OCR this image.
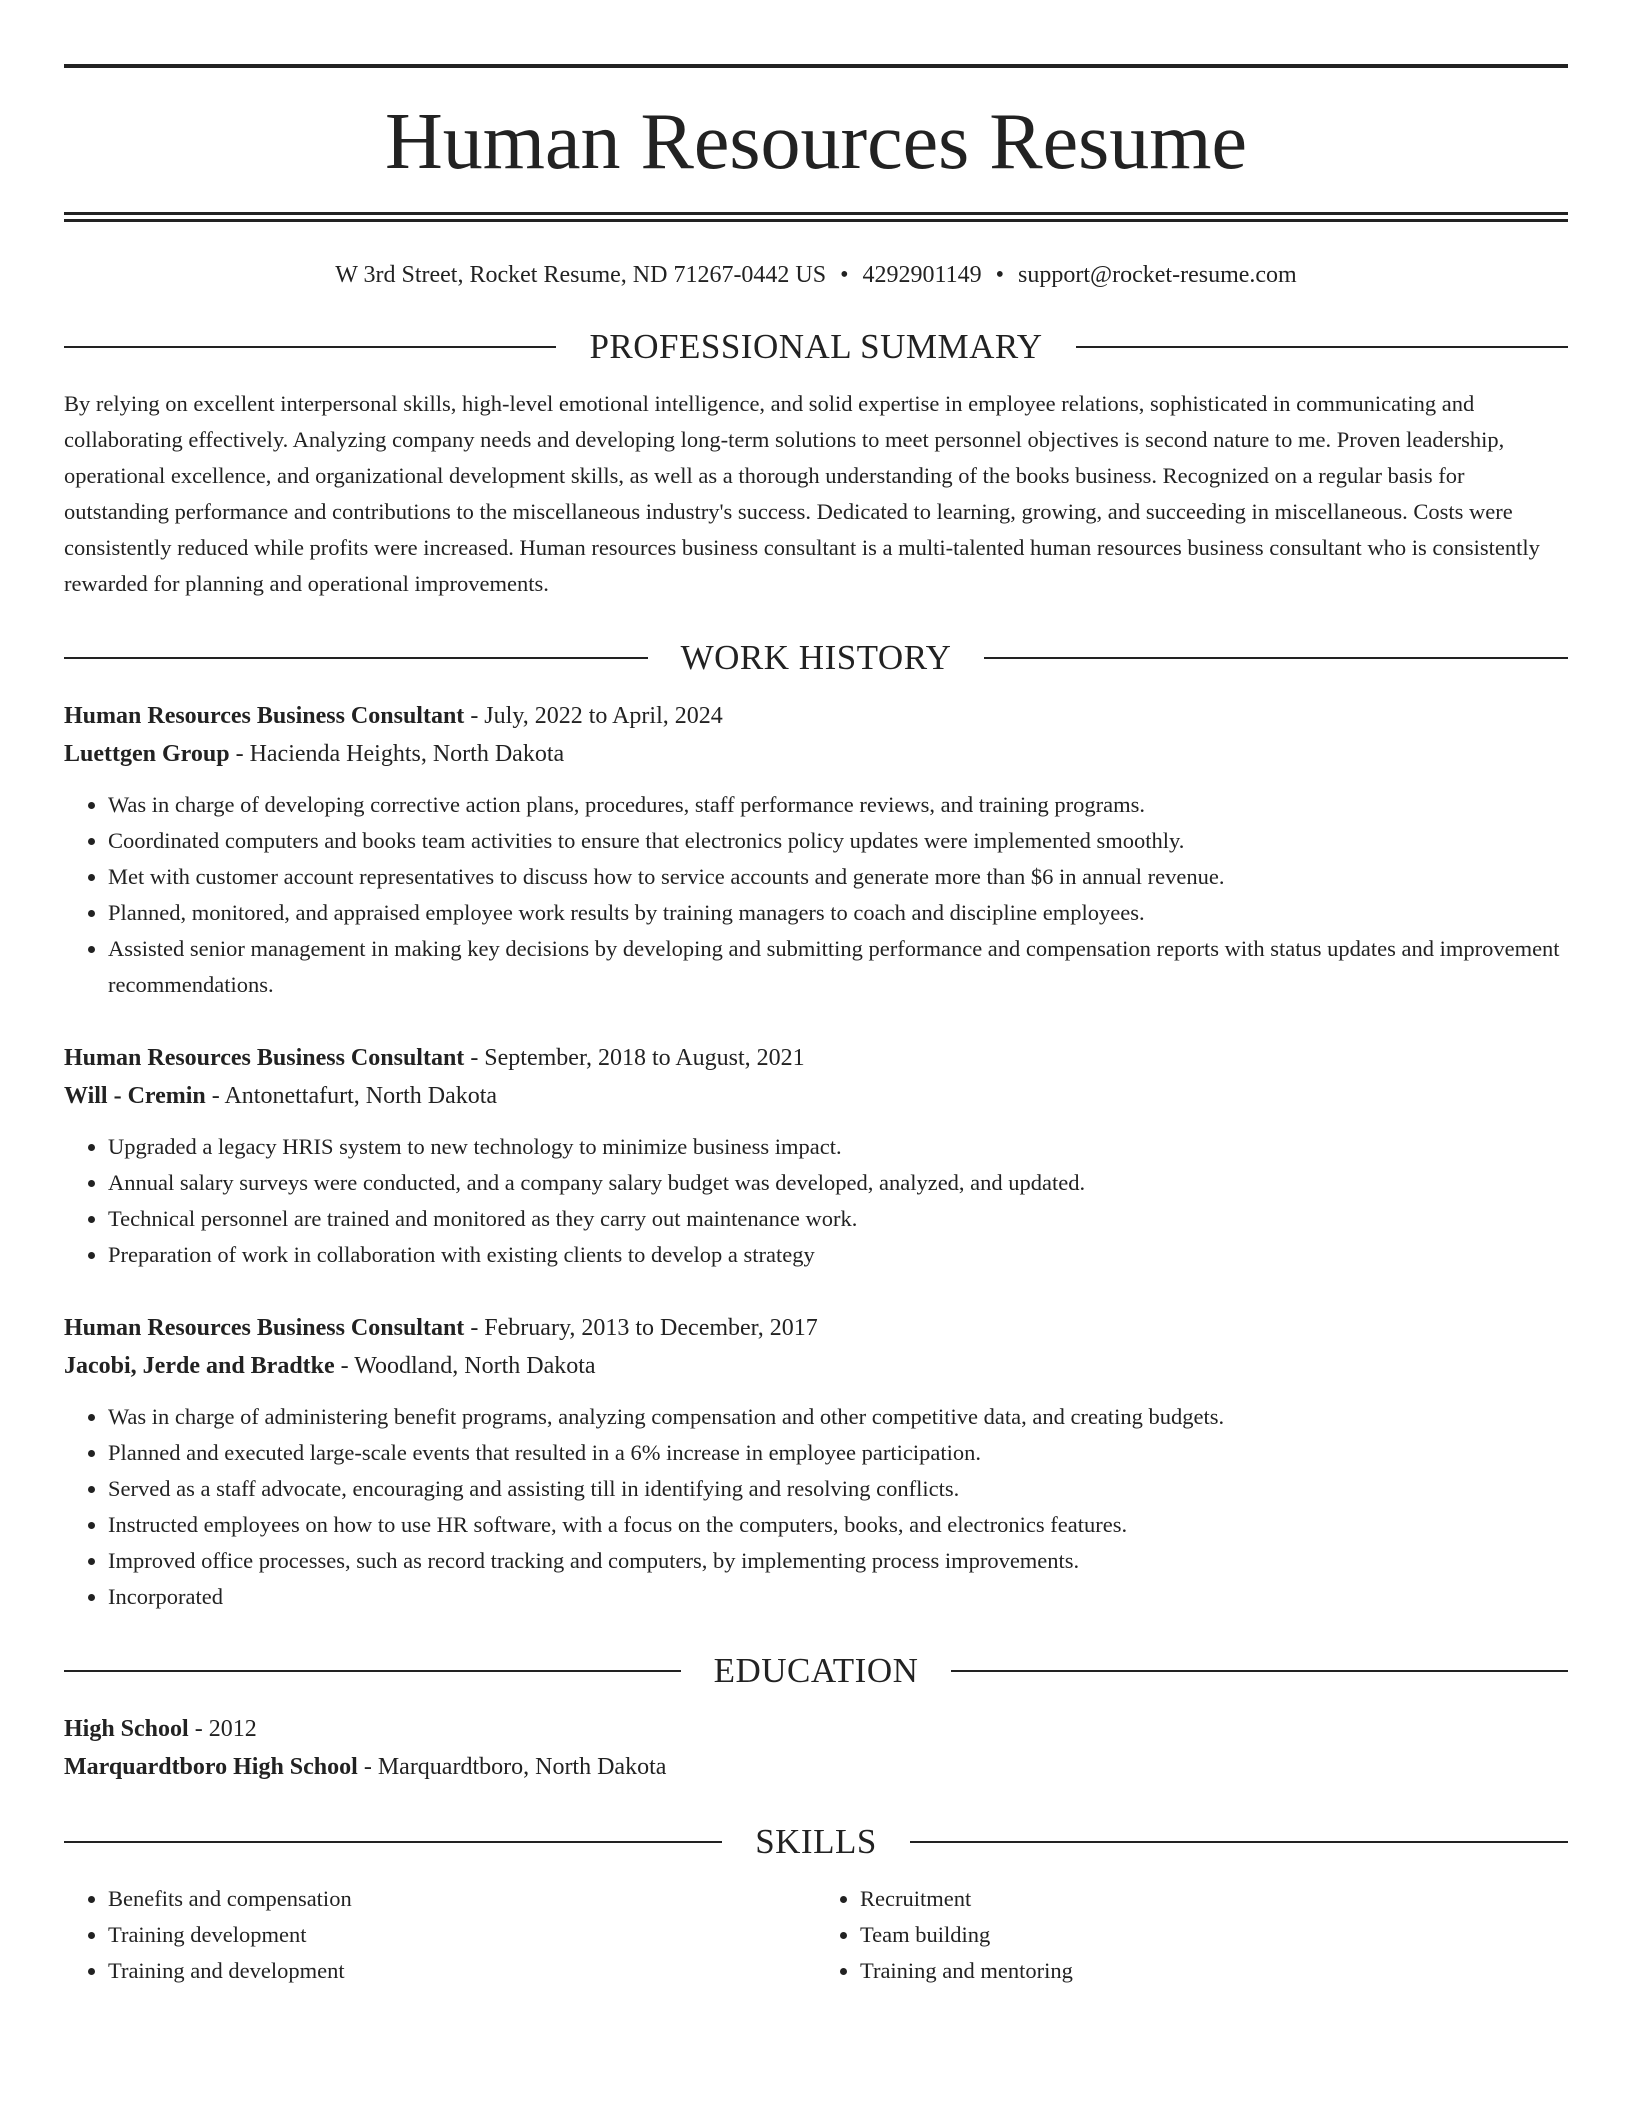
Human Resources Resume
W 3rd Street, Rocket Resume, ND 71267-0442 US • 4292901149 • support@rocket-resume.com
PROFESSIONAL SUMMARY
By relying on excellent interpersonal skills, high-level emotional intelligence, and solid expertise in employee relations, sophisticated in communicating and collaborating effectively. Analyzing company needs and developing long-term solutions to meet personnel objectives is second nature to me. Proven leadership, operational excellence, and organizational development skills, as well as a thorough understanding of the books business. Recognized on a regular basis for outstanding performance and contributions to the miscellaneous industry's success. Dedicated to learning, growing, and succeeding in miscellaneous. Costs were consistently reduced while profits were increased. Human resources business consultant is a multi-talented human resources business consultant who is consistently rewarded for planning and operational improvements.
WORK HISTORY
Human Resources Business Consultant - July, 2022 to April, 2024
Luettgen Group - Hacienda Heights, North Dakota
• Was in charge of developing corrective action plans, procedures, staff performance reviews, and training programs.
• Coordinated computers and books team activities to ensure that electronics policy updates were implemented smoothly.
• Met with customer account representatives to discuss how to service accounts and generate more than $6 in annual revenue.
• Planned, monitored, and appraised employee work results by training managers to coach and discipline employees.
• Assisted senior management in making key decisions by developing and submitting performance and compensation reports with status updates and improvement recommendations.
Human Resources Business Consultant - September, 2018 to August, 2021
Will - Cremin - Antonettafurt, North Dakota
• Upgraded a legacy HRIS system to new technology to minimize business impact.
• Annual salary surveys were conducted, and a company salary budget was developed, analyzed, and updated.
• Technical personnel are trained and monitored as they carry out maintenance work.
• Preparation of work in collaboration with existing clients to develop a strategy
Human Resources Business Consultant - February, 2013 to December, 2017
Jacobi, Jerde and Bradtke - Woodland, North Dakota
• Was in charge of administering benefit programs, analyzing compensation and other competitive data, and creating budgets.
• Planned and executed large-scale events that resulted in a 6% increase in employee participation.
• Served as a staff advocate, encouraging and assisting till in identifying and resolving conflicts.
• Instructed employees on how to use HR software, with a focus on the computers, books, and electronics features.
• Improved office processes, such as record tracking and computers, by implementing process improvements.
• Incorporated
EDUCATION
High School - 2012
Marquardtboro High School - Marquardtboro, North Dakota
SKILLS
• Benefits and compensation
• Training development
• Training and development
• Recruitment
• Team building
• Training and mentoring
